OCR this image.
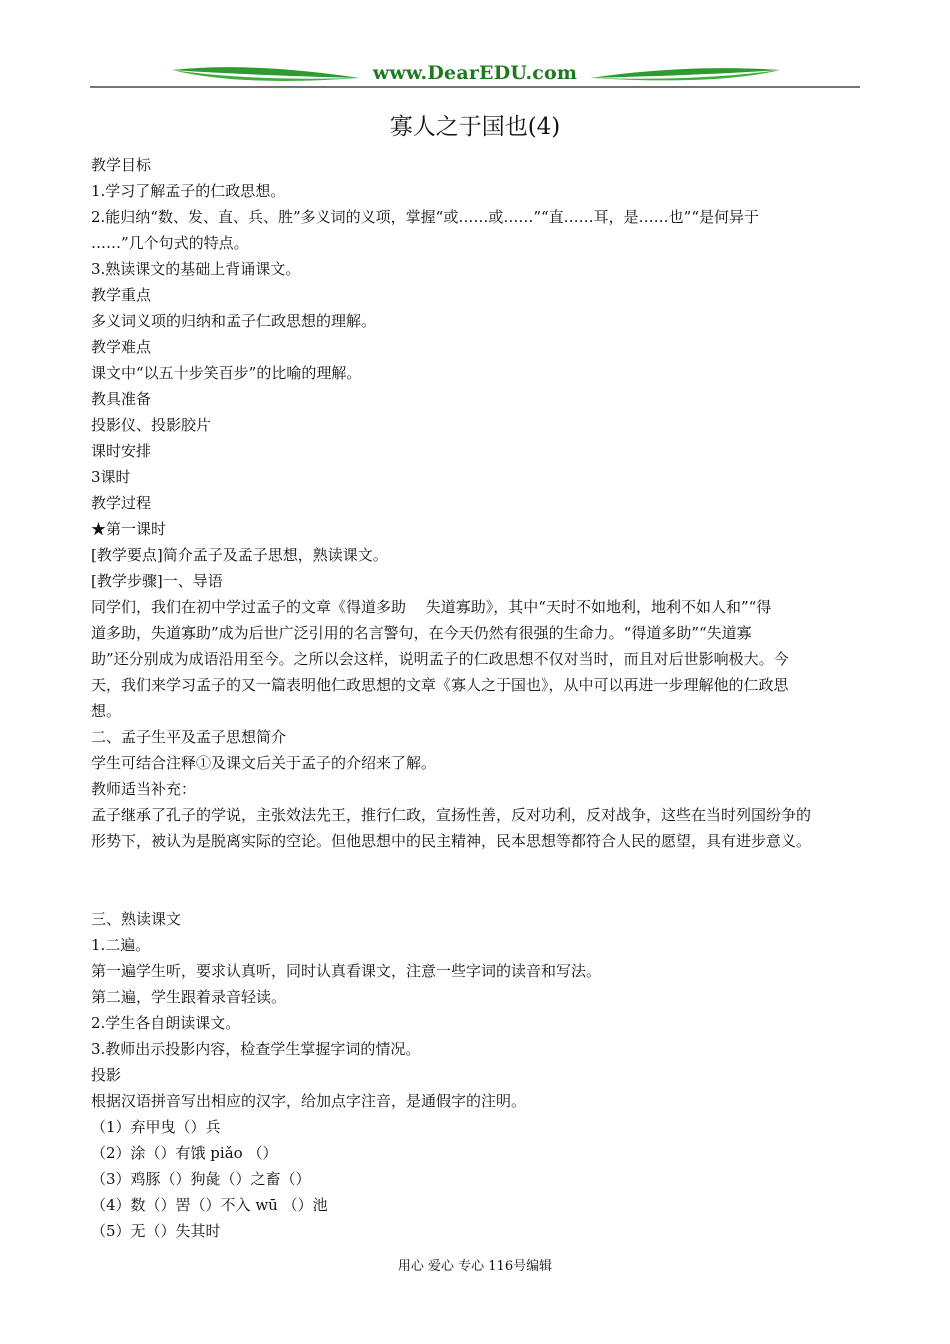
www.DearEDU.com
寡人之于国也(4)

教学目标

1.学习了解孟子的仁政思想。

2.能归纳“数、发、直、兵、胜”多义词的义项，掌握“或……或……”“直……耳，是……也”“是何异于

……”几个句式的特点。

3.熟读课文的基础上背诵课文。

教学重点

多义词义项的归纳和孟子仁政思想的理解。

教学难点

课文中“以五十步笑百步”的比喻的理解。

教具准备

投影仪、投影胶片

课时安排

3课时

教学过程

★第一课时

[教学要点]简介孟子及孟子思想，熟读课文。

[教学步骤]一、导语

同学们，我们在初中学过孟子的文章《得道多助　 失道寡助》，其中“天时不如地利，地利不如人和”“得

道多助，失道寡助”成为后世广泛引用的名言警句，在今天仍然有很强的生命力。“得道多助”“失道寡

助”还分别成为成语沿用至今。之所以会这样，说明孟子的仁政思想不仅对当时，而且对后世影响极大。今

天，我们来学习孟子的又一篇表明他仁政思想的文章《寡人之于国也》，从中可以再进一步理解他的仁政思

想。

二、孟子生平及孟子思想简介

学生可结合注释①及课文后关于孟子的介绍来了解。

教师适当补充：

孟子继承了孔子的学说，主张效法先王，推行仁政，宣扬性善，反对功利，反对战争，这些在当时列国纷争的

形势下，被认为是脱离实际的空论。但他思想中的民主精神，民本思想等都符合人民的愿望，具有进步意义。

三、熟读课文

1.二遍。

第一遍学生听，要求认真听，同时认真看课文，注意一些字词的读音和写法。

第二遍，学生跟着录音轻读。

2.学生各自朗读课文。

3.教师出示投影内容，检查学生掌握字词的情况。

投影

根据汉语拼音写出相应的汉字，给加点字注音，是通假字的注明。

（1）弃甲曳（）兵

（2）涂（）有饿 piǎo （）

（3）鸡豚（）狗彘（）之畜（）

（4）数（）罟（）不入 wū （）池

（5）无（）失其时

用心 爱心 专心 116号编辑
